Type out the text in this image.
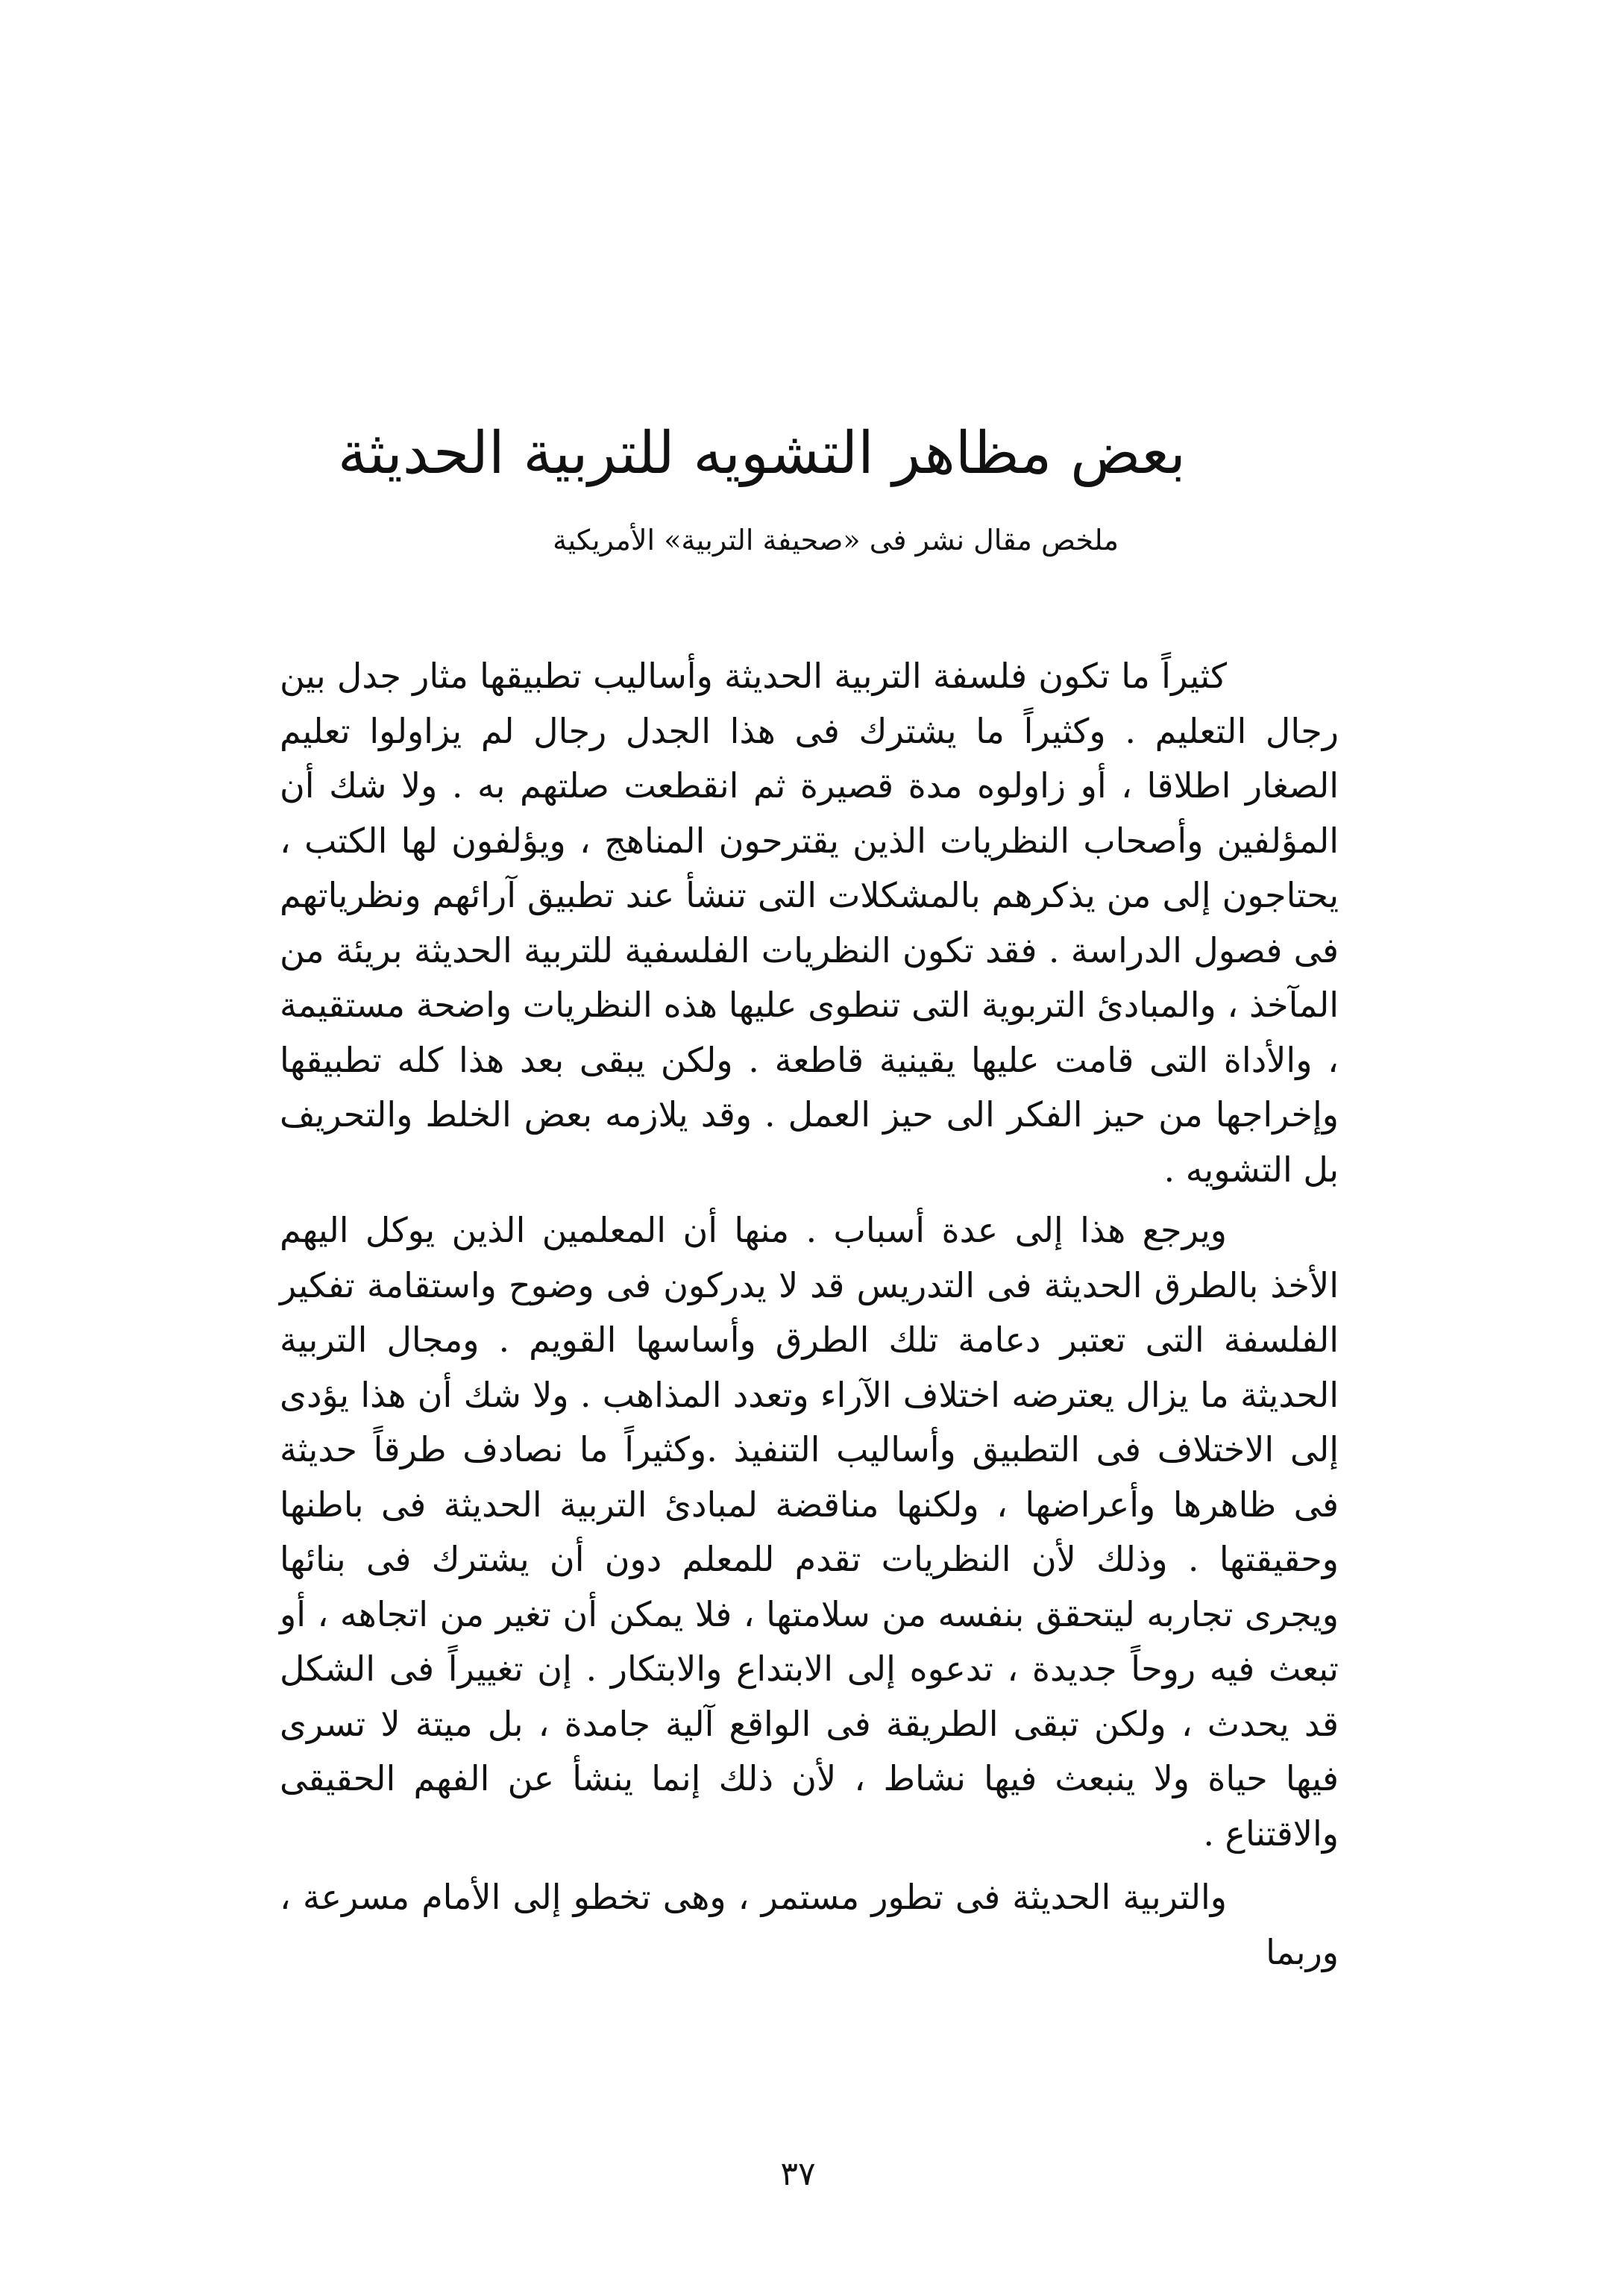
بعض مظاهر التشويه للتربية الحديثة
ملخص مقال نشر فى «صحيفة التربية» الأمريكية

كثيراً ما تكون فلسفة التربية الحديثة وأساليب تطبيقها مثار جدل بين رجال التعليم . وكثيراً ما يشترك فى هذا الجدل رجال لم يزاولوا تعليم الصغار اطلاقا ، أو زاولوه مدة قصيرة ثم انقطعت صلتهم به . ولا شك أن المؤلفين وأصحاب النظريات الذين يقترحون المناهج ، ويؤلفون لها الكتب ، يحتاجون إلى من يذكرهم بالمشكلات التى تنشأ عند تطبيق آرائهم ونظرياتهم فى فصول الدراسة . فقد تكون النظريات الفلسفية للتربية الحديثة بريئة من المآخذ ، والمبادئ التربوية التى تنطوى عليها هذه النظريات واضحة مستقيمة ، والأداة التى قامت عليها يقينية قاطعة . ولكن يبقى بعد هذا كله تطبيقها وإخراجها من حيز الفكر الى حيز العمل . وقد يلازمه بعض الخلط والتحريف بل التشويه .

ويرجع هذا إلى عدة أسباب . منها أن المعلمين الذين يوكل اليهم الأخذ بالطرق الحديثة فى التدريس قد لا يدركون فى وضوح واستقامة تفكير الفلسفة التى تعتبر دعامة تلك الطرق وأساسها القويم . ومجال التربية الحديثة ما يزال يعترضه اختلاف الآراء وتعدد المذاهب . ولا شك أن هذا يؤدى إلى الاختلاف فى التطبيق وأساليب التنفيذ .وكثيراً ما نصادف طرقاً حديثة فى ظاهرها وأعراضها ، ولكنها مناقضة لمبادئ التربية الحديثة فى باطنها وحقيقتها . وذلك لأن النظريات تقدم للمعلم دون أن يشترك فى بنائها ويجرى تجاربه ليتحقق بنفسه من سلامتها ، فلا يمكن أن تغير من اتجاهه ، أو تبعث فيه روحاً جديدة ، تدعوه إلى الابتداع والابتكار . إن تغييراً فى الشكل قد يحدث ، ولكن تبقى الطريقة فى الواقع آلية جامدة ، بل ميتة لا تسرى فيها حياة ولا ينبعث فيها نشاط ، لأن ذلك إنما ينشأ عن الفهم الحقيقى والاقتناع .

والتربية الحديثة فى تطور مستمر ، وهى تخطو إلى الأمام مسرعة ، وربما

٣٧
